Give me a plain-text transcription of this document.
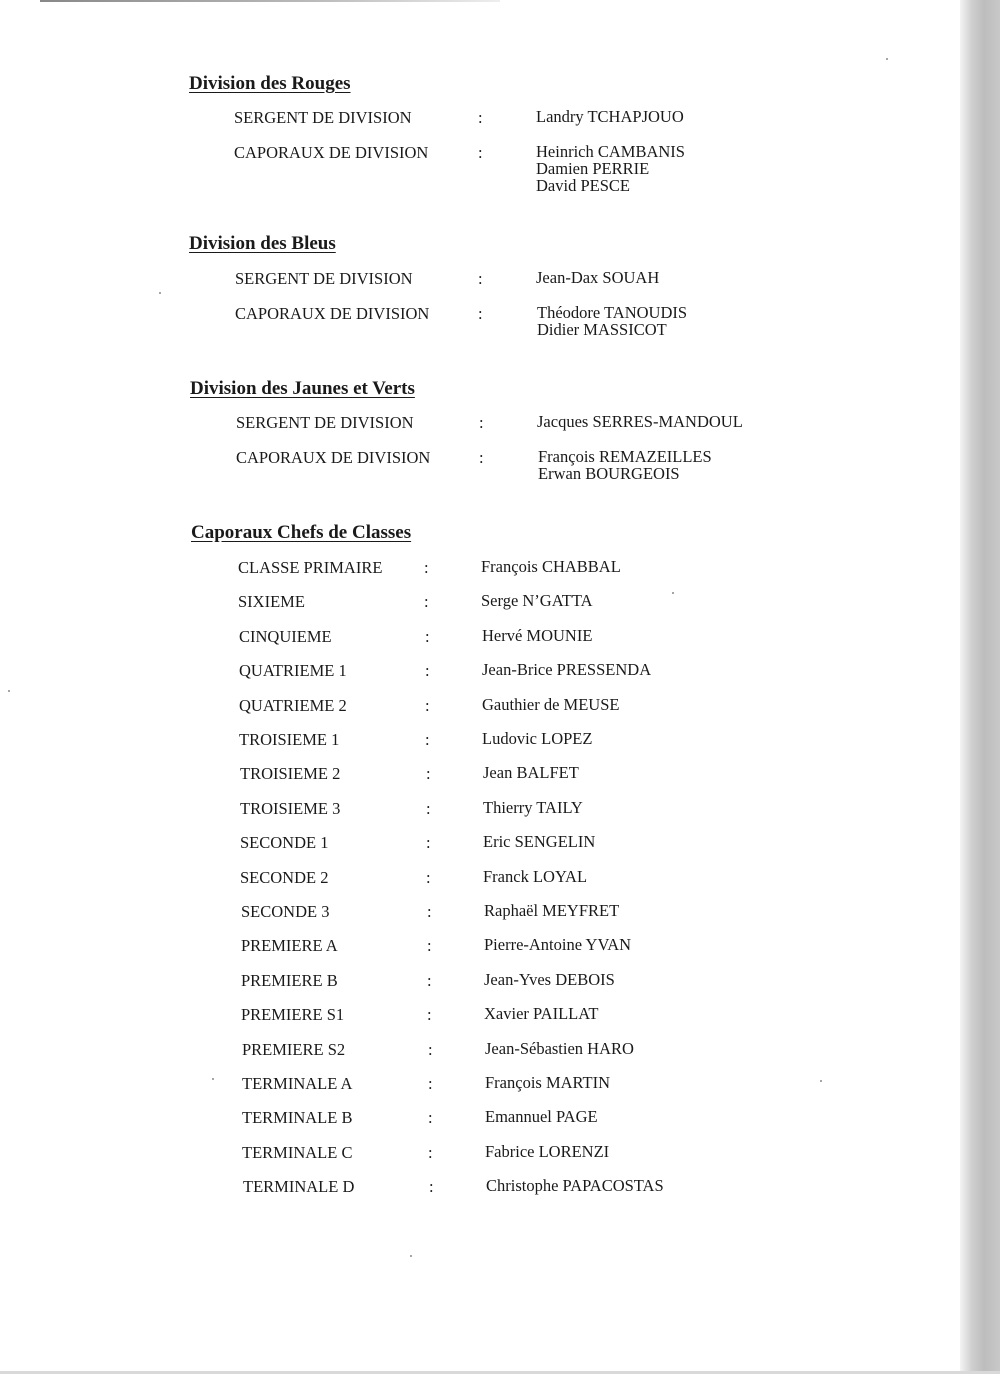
Division des Rouges
SERGENT DE DIVISION	:	Landry TCHAPJOUO
CAPORAUX DE DIVISION	:	Heinrich CAMBANIS
Damien PERRIE
David PESCE
Division des Bleus
SERGENT DE DIVISION	:	Jean-Dax SOUAH
CAPORAUX DE DIVISION	:	Théodore TANOUDIS
Didier MASSICOT
Division des Jaunes et Verts
SERGENT DE DIVISION	:	Jacques SERRES-MANDOUL
CAPORAUX DE DIVISION	:	François REMAZEILLES
Erwan BOURGEOIS
Caporaux Chefs de Classes
CLASSE PRIMAIRE	:	François CHABBAL
SIXIEME	:	Serge N’GATTA
CINQUIEME	:	Hervé MOUNIE
QUATRIEME 1	:	Jean-Brice PRESSENDA
QUATRIEME 2	:	Gauthier de MEUSE
TROISIEME 1	:	Ludovic LOPEZ
TROISIEME 2	:	Jean BALFET
TROISIEME 3	:	Thierry TAILY
SECONDE 1	:	Eric SENGELIN
SECONDE 2	:	Franck LOYAL
SECONDE 3	:	Raphaël MEYFRET
PREMIERE A	:	Pierre-Antoine YVAN
PREMIERE B	:	Jean-Yves DEBOIS
PREMIERE S1	:	Xavier PAILLAT
PREMIERE S2	:	Jean-Sébastien HARO
TERMINALE A	:	François MARTIN
TERMINALE B	:	Emannuel PAGE
TERMINALE C	:	Fabrice LORENZI
TERMINALE D	:	Christophe PAPACOSTAS
